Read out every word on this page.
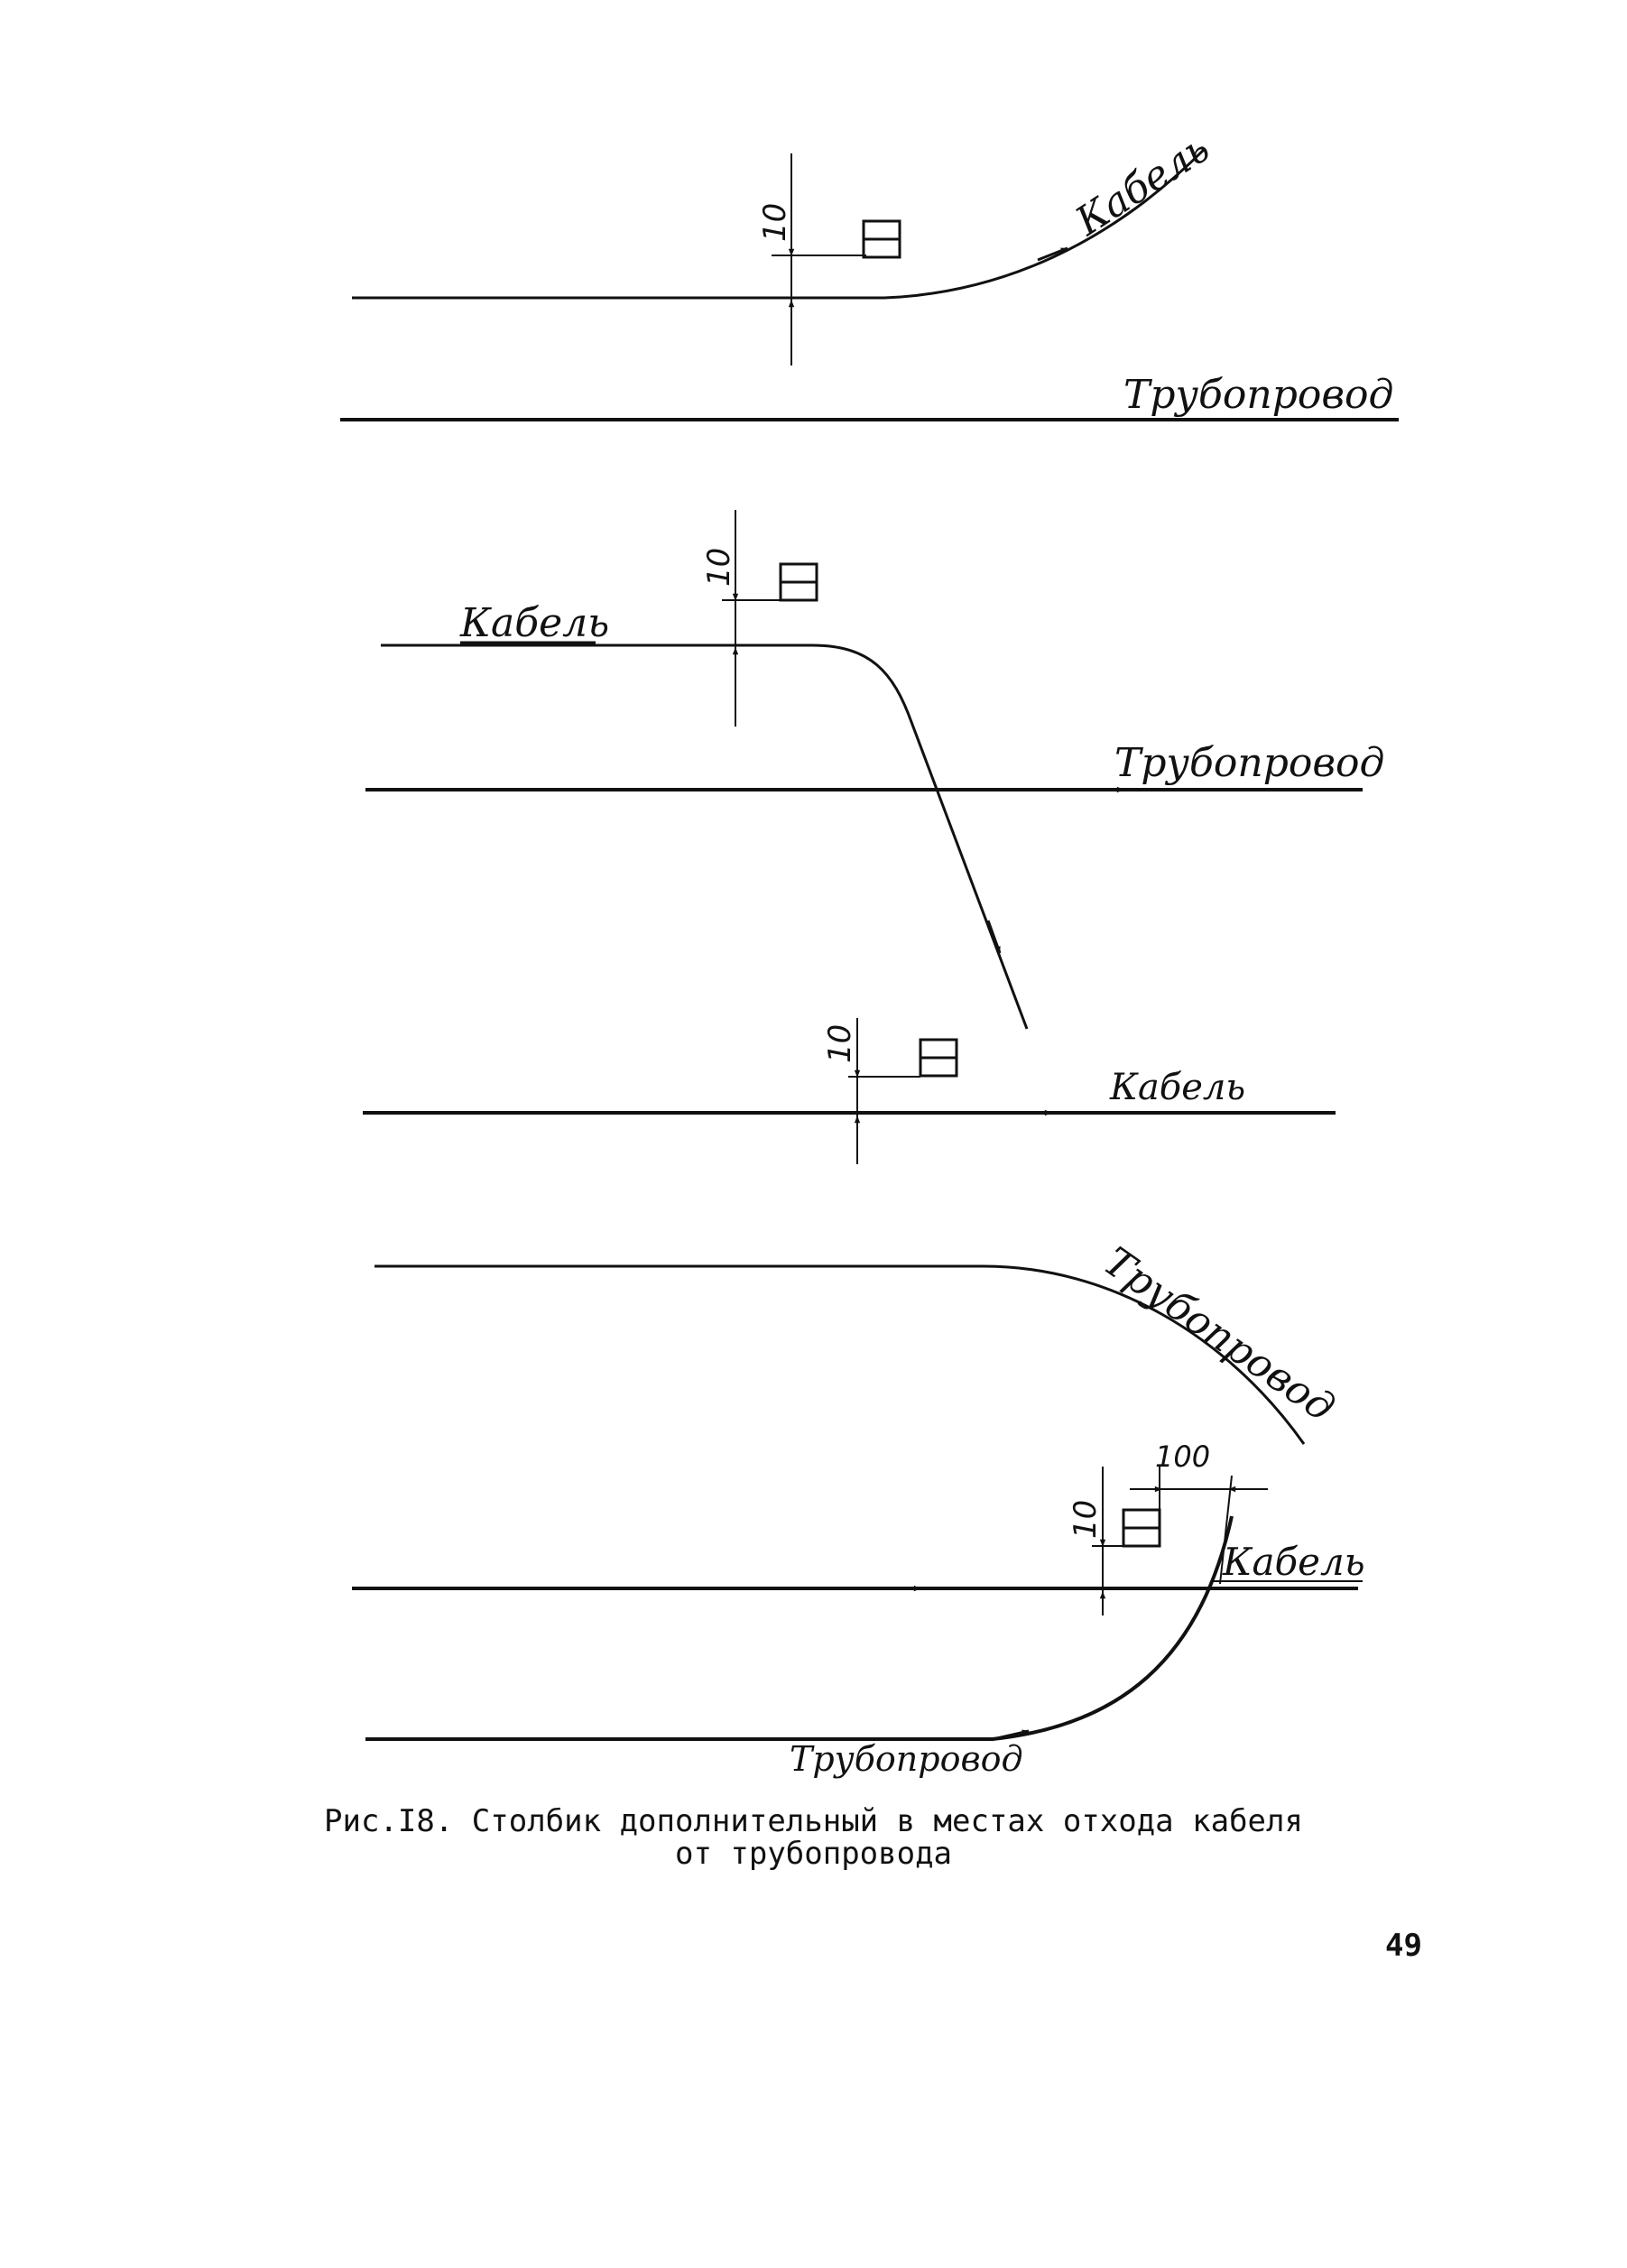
Кабель
Трубопровод
10
Кабель
Трубопровод
10
Кабель
10
Трубопровод
10
100
Кабель
Трубопровод
Рис.I8. Столбик дополнительный в местах отхода кабеля
от трубопровода
49
